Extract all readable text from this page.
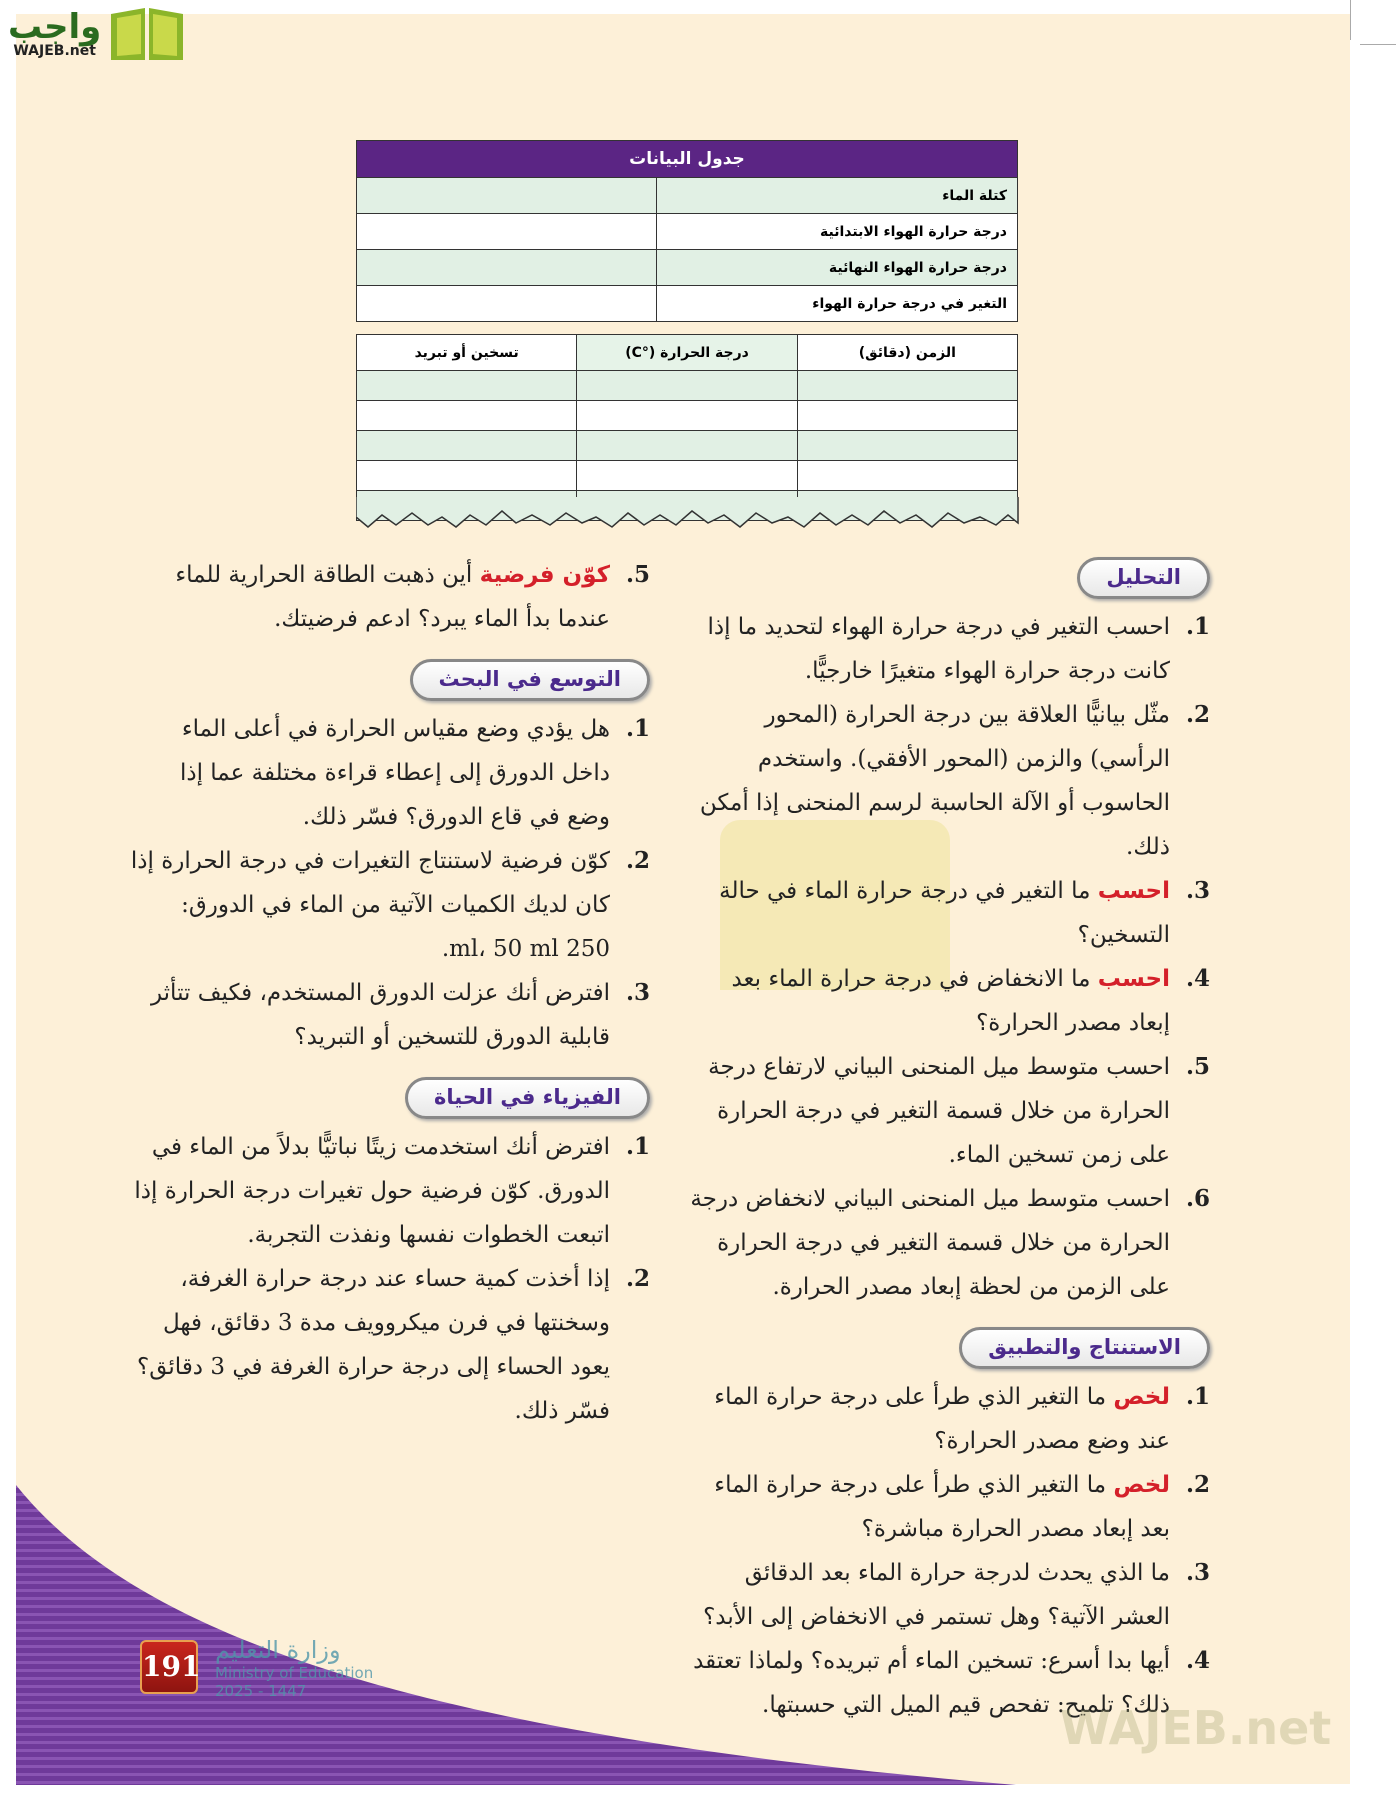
واجب
WAJEB.net
جدول البيانات	
كتلة الماء	
درجة حرارة الهواء الابتدائية	
درجة حرارة الهواء النهائية	
التغير في درجة حرارة الهواء	
الزمن (دقائق)	درجة الحرارة (°C)	تسخين أو تبريد

التحليل
1.
احسب التغير في درجة حرارة الهواء لتحديد ما إذا كانت درجة حرارة الهواء متغيرًا خارجيًّا.
2.
مثّل بيانيًّا العلاقة بين درجة الحرارة (المحور الرأسي) والزمن (المحور الأفقي). واستخدم الحاسوب أو الآلة الحاسبة لرسم المنحنى إذا أمكن ذلك.
3.
احسب ما التغير في درجة حرارة الماء في حالة التسخين؟
4.
احسب ما الانخفاض في درجة حرارة الماء بعد إبعاد مصدر الحرارة؟
5.
احسب متوسط ميل المنحنى البياني لارتفاع درجة الحرارة من خلال قسمة التغير في درجة الحرارة على زمن تسخين الماء.
6.
احسب متوسط ميل المنحنى البياني لانخفاض درجة الحرارة من خلال قسمة التغير في درجة الحرارة على الزمن من لحظة إبعاد مصدر الحرارة.
الاستنتاج والتطبيق
1.
لخص ما التغير الذي طرأ على درجة حرارة الماء عند وضع مصدر الحرارة؟
2.
لخص ما التغير الذي طرأ على درجة حرارة الماء بعد إبعاد مصدر الحرارة مباشرة؟
3.
ما الذي يحدث لدرجة حرارة الماء بعد الدقائق العشر الآتية؟ وهل تستمر في الانخفاض إلى الأبد؟
4.
أيها بدا أسرع: تسخين الماء أم تبريده؟ ولماذا تعتقد ذلك؟ تلميح: تفحص قيم الميل التي حسبتها.
5.
كوّن فرضية أين ذهبت الطاقة الحرارية للماء عندما بدأ الماء يبرد؟ ادعم فرضيتك.
التوسع في البحث
1.
هل يؤدي وضع مقياس الحرارة في أعلى الماء داخل الدورق إلى إعطاء قراءة مختلفة عما إذا وضع في قاع الدورق؟ فسّر ذلك.
2.
كوّن فرضية لاستنتاج التغيرات في درجة الحرارة إذا كان لديك الكميات الآتية من الماء في الدورق: 250 ml، 50 ml.
3.
افترض أنك عزلت الدورق المستخدم، فكيف تتأثر قابلية الدورق للتسخين أو التبريد؟
الفيزياء في الحياة
1.
افترض أنك استخدمت زيتًا نباتيًّا بدلاً من الماء في الدورق. كوّن فرضية حول تغيرات درجة الحرارة إذا اتبعت الخطوات نفسها ونفذت التجربة.
2.
إذا أخذت كمية حساء عند درجة حرارة الغرفة، وسخنتها في فرن ميكروويف مدة 3 دقائق، فهل يعود الحساء إلى درجة حرارة الغرفة في 3 دقائق؟ فسّر ذلك.
WAJEB.net
191 وزارة التعليم
Ministry of Education
2025 - 1447
